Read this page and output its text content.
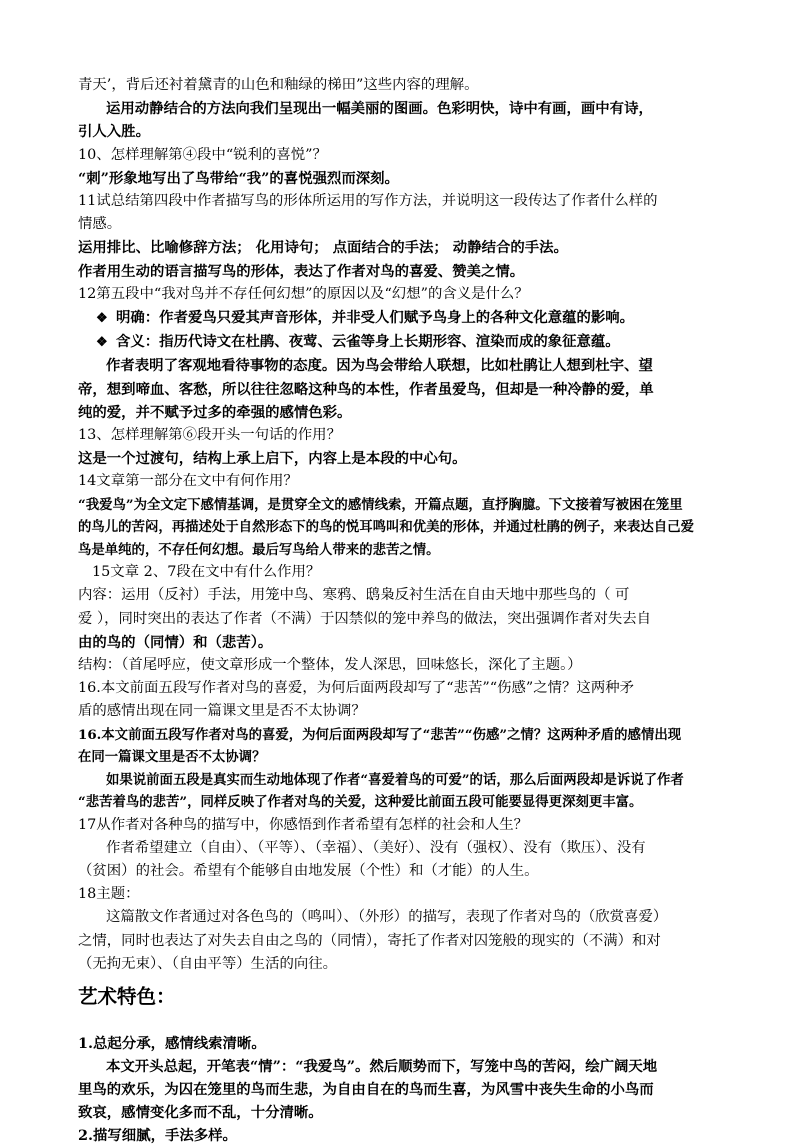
青天’，背后还衬着黛青的山色和釉绿的梯田”这些内容的理解。

运用动静结合的方法向我们呈现出一幅美丽的图画。色彩明快，诗中有画，画中有诗，

引人入胜。

10、怎样理解第④段中“锐利的喜悦”？

“刺”形象地写出了鸟带给“我”的喜悦强烈而深刻。

11试总结第四段中作者描写鸟的形体所运用的写作方法，并说明这一段传达了作者什么样的

情感。

运用排比、比喻修辞方法； 化用诗句； 点面结合的手法； 动静结合的手法。

作者用生动的语言描写鸟的形体，表达了作者对鸟的喜爱、赞美之情。

12第五段中“我对鸟并不存任何幻想”的原因以及“幻想”的含义是什么？

❖ 明确：作者爱鸟只爱其声音形体，并非受人们赋予鸟身上的各种文化意蕴的影响。

❖ 含义：指历代诗文在杜鹃、夜莺、云雀等身上长期形容、渲染而成的象征意蕴。

作者表明了客观地看待事物的态度。因为鸟会带给人联想，比如杜鹃让人想到杜宇、望

帝，想到啼血、客愁，所以往往忽略这种鸟的本性，作者虽爱鸟，但却是一种冷静的爱，单

纯的爱，并不赋予过多的牵强的感情色彩。

13、怎样理解第⑥段开头一句话的作用？

这是一个过渡句，结构上承上启下，内容上是本段的中心句。

14文章第一部分在文中有何作用？

“我爱鸟”为全文定下感情基调，是贯穿全文的感情线索，开篇点题，直抒胸臆。下文接着写被困在笼里

的鸟儿的苦闷，再描述处于自然形态下的鸟的悦耳鸣叫和优美的形体，并通过杜鹃的例子，来表达自己爱

鸟是单纯的，不存任何幻想。最后写鸟给人带来的悲苦之情。

15文章 2、7段在文中有什么作用？

内容：运用（反衬）手法，用笼中鸟、寒鸦、鸱枭反衬生活在自由天地中那些鸟的（ 可

爱 ），同时突出的表达了作者（不满）于囚禁似的笼中养鸟的做法，突出强调作者对失去自

由的鸟的（同情）和（悲苦）。

结构：（首尾呼应，使文章形成一个整体，发人深思，回味悠长，深化了主题。）

16.本文前面五段写作者对鸟的喜爱，为何后面两段却写了“悲苦”“伤感”之情？这两种矛

盾的感情出现在同一篇课文里是否不太协调？

16.本文前面五段写作者对鸟的喜爱，为何后面两段却写了“悲苦”“伤感”之情？这两种矛盾的感情出现

在同一篇课文里是否不太协调？

如果说前面五段是真实而生动地体现了作者“喜爱着鸟的可爱”的话，那么后面两段却是诉说了作者

“悲苦着鸟的悲苦”，同样反映了作者对鸟的关爱，这种爱比前面五段可能要显得更深刻更丰富。

17从作者对各种鸟的描写中，你感悟到作者希望有怎样的社会和人生？

作者希望建立（自由）、（平等）、（幸福）、（美好）、没有（强权）、没有（欺压）、没有

（贫困）的社会。希望有个能够自由地发展（个性）和（才能）的人生。

18主题：

这篇散文作者通过对各色鸟的（鸣叫）、（外形）的描写，表现了作者对鸟的（欣赏喜爱）

之情，同时也表达了对失去自由之鸟的（同情），寄托了作者对囚笼般的现实的（不满）和对

（无拘无束）、（自由平等）生活的向往。

艺术特色：

1.总起分承，感情线索清晰。

本文开头总起，开笔表“情”：“我爱鸟”。然后顺势而下，写笼中鸟的苦闷，绘广阔天地

里鸟的欢乐，为囚在笼里的鸟而生悲，为自由自在的鸟而生喜，为风雪中丧失生命的小鸟而

致哀，感情变化多而不乱，十分清晰。

2.描写细腻，手法多样。
